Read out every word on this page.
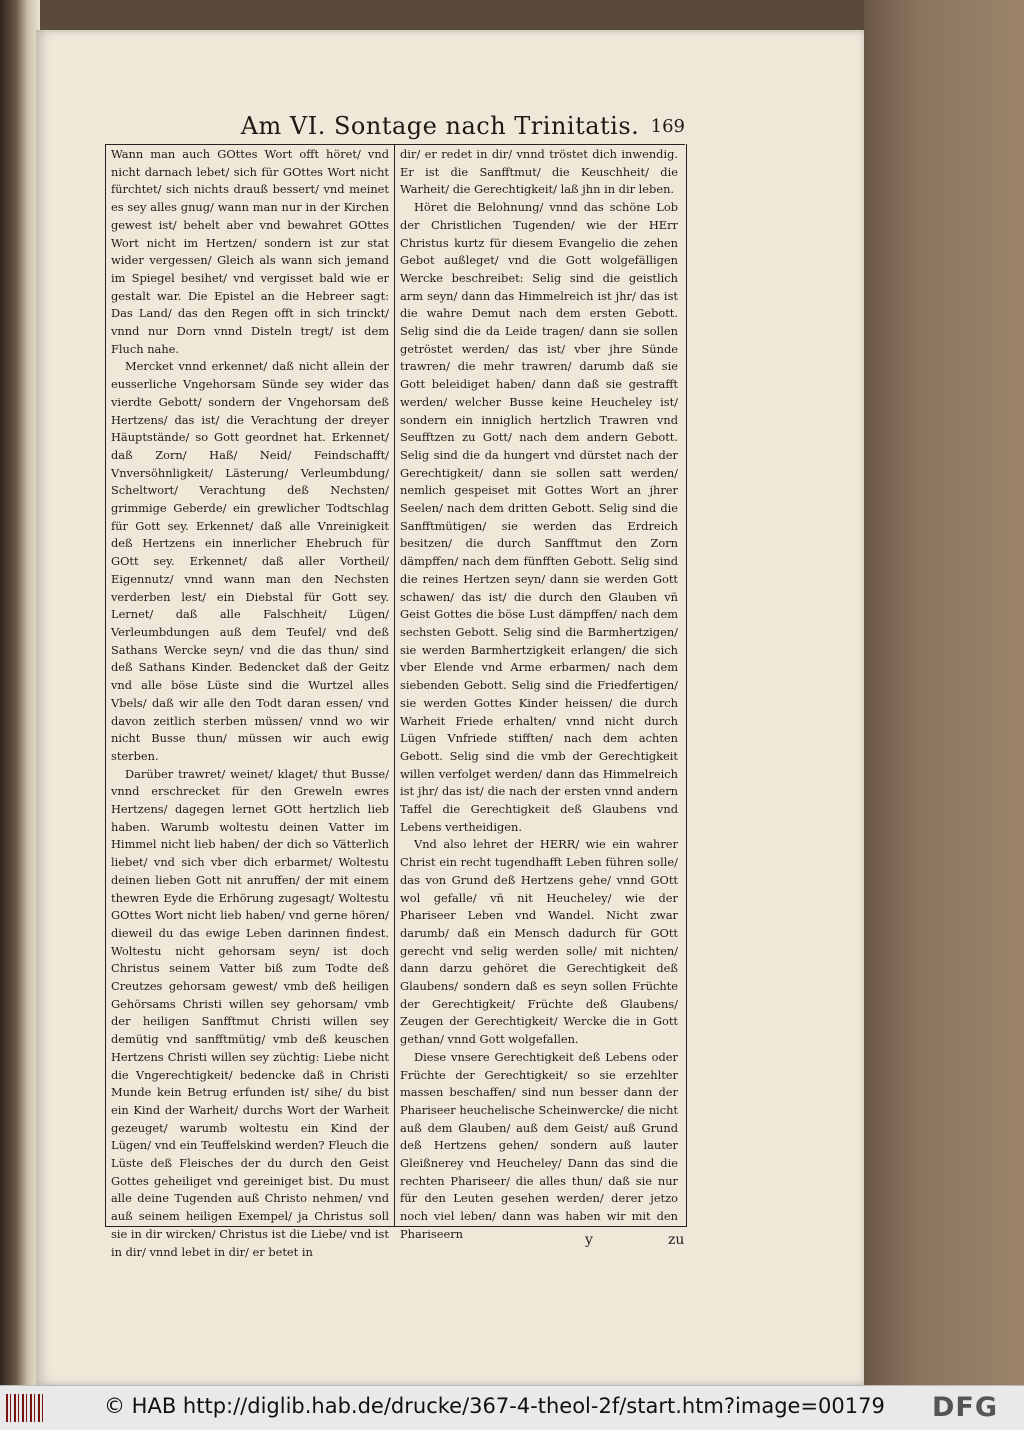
Am VI. Sontage nach Trinitatis. 169

Wann man auch GOttes Wort offt höret/ vnd nicht darnach lebet/ sich für GOttes Wort nicht fürchtet/ sich nichts drauß bessert/ vnd meinet es sey alles gnug/ wann man nur in der Kirchen gewest ist/ behelt aber vnd bewahret GOttes Wort nicht im Hertzen/ sondern ist zur stat wider vergessen/ Gleich als wann sich jemand im Spiegel besihet/ vnd vergisset bald wie er gestalt war. Die Epistel an die Hebreer sagt: Das Land/ das den Regen offt in sich trinckt/ vnnd nur Dorn vnnd Disteln tregt/ ist dem Fluch nahe.

Mercket vnnd erkennet/ daß nicht allein der eusserliche Vngehorsam Sünde sey wider das vierdte Gebott/ sondern der Vngehorsam deß Hertzens/ das ist/ die Verachtung der dreyer Häuptstände/ so Gott geordnet hat. Erkennet/ daß Zorn/ Haß/ Neid/ Feindschafft/ Vnversöhnligkeit/ Lästerung/ Verleumbdung/ Scheltwort/ Verachtung deß Nechsten/ grimmige Geberde/ ein grewlicher Todtschlag für Gott sey. Erkennet/ daß alle Vnreinigkeit deß Hertzens ein innerlicher Ehebruch für GOtt sey. Erkennet/ daß aller Vortheil/ Eigennutz/ vnnd wann man den Nechsten verderben lest/ ein Diebstal für Gott sey. Lernet/ daß alle Falschheit/ Lügen/ Verleumbdungen auß dem Teufel/ vnd deß Sathans Wercke seyn/ vnd die das thun/ sind deß Sathans Kinder. Bedencket daß der Geitz vnd alle böse Lüste sind die Wurtzel alles Vbels/ daß wir alle den Todt daran essen/ vnd davon zeitlich sterben müssen/ vnnd wo wir nicht Busse thun/ müssen wir auch ewig sterben.

Darüber trawret/ weinet/ klaget/ thut Busse/ vnnd erschrecket für den Greweln ewres Hertzens/ dagegen lernet GOtt hertzlich lieb haben. Warumb woltestu deinen Vatter im Himmel nicht lieb haben/ der dich so Vätterlich liebet/ vnd sich vber dich erbarmet/ Woltestu deinen lieben Gott nit anruffen/ der mit einem thewren Eyde die Erhörung zugesagt/ Woltestu GOttes Wort nicht lieb haben/ vnd gerne hören/ dieweil du das ewige Leben darinnen findest. Woltestu nicht gehorsam seyn/ ist doch Christus seinem Vatter biß zum Todte deß Creutzes gehorsam gewest/ vmb deß heiligen Gehörsams Christi willen sey gehorsam/ vmb der heiligen Sanfftmut Christi willen sey demütig vnd sanfftmütig/ vmb deß keuschen Hertzens Christi willen sey züchtig: Liebe nicht die Vngerechtigkeit/ bedencke daß in Christi Munde kein Betrug erfunden ist/ sihe/ du bist ein Kind der Warheit/ durchs Wort der Warheit gezeuget/ warumb woltestu ein Kind der Lügen/ vnd ein Teuffelskind werden? Fleuch die Lüste deß Fleisches der du durch den Geist Gottes geheiliget vnd gereiniget bist. Du must alle deine Tugenden auß Christo nehmen/ vnd auß seinem heiligen Exempel/ ja Christus soll sie in dir wircken/ Christus ist die Liebe/ vnd ist in dir/ vnnd lebet in dir/ er betet in

dir/ er redet in dir/ vnnd tröstet dich inwendig. Er ist die Sanfftmut/ die Keuschheit/ die Warheit/ die Gerechtigkeit/ laß jhn in dir leben.

Höret die Belohnung/ vnnd das schöne Lob der Christlichen Tugenden/ wie der HErr Christus kurtz für diesem Evangelio die zehen Gebot außleget/ vnd die Gott wolgefälligen Wercke beschreibet: Selig sind die geistlich arm seyn/ dann das Himmelreich ist jhr/ das ist die wahre Demut nach dem ersten Gebott. Selig sind die da Leide tragen/ dann sie sollen getröstet werden/ das ist/ vber jhre Sünde trawren/ die mehr trawren/ darumb daß sie Gott beleidiget haben/ dann daß sie gestrafft werden/ welcher Busse keine Heucheley ist/ sondern ein inniglich hertzlich Trawren vnd Seufftzen zu Gott/ nach dem andern Gebott. Selig sind die da hungert vnd dürstet nach der Gerechtigkeit/ dann sie sollen satt werden/ nemlich gespeiset mit Gottes Wort an jhrer Seelen/ nach dem dritten Gebott. Selig sind die Sanfftmütigen/ sie werden das Erdreich besitzen/ die durch Sanfftmut den Zorn dämpffen/ nach dem fünfften Gebott. Selig sind die reines Hertzen seyn/ dann sie werden Gott schawen/ das ist/ die durch den Glauben vñ Geist Gottes die böse Lust dämpffen/ nach dem sechsten Gebott. Selig sind die Barmhertzigen/ sie werden Barmhertzigkeit erlangen/ die sich vber Elende vnd Arme erbarmen/ nach dem siebenden Gebott. Selig sind die Friedfertigen/ sie werden Gottes Kinder heissen/ die durch Warheit Friede erhalten/ vnnd nicht durch Lügen Vnfriede stifften/ nach dem achten Gebott. Selig sind die vmb der Gerechtigkeit willen verfolget werden/ dann das Himmelreich ist jhr/ das ist/ die nach der ersten vnnd andern Taffel die Gerechtigkeit deß Glaubens vnd Lebens vertheidigen.

Vnd also lehret der HERR/ wie ein wahrer Christ ein recht tugendhafft Leben führen solle/ das von Grund deß Hertzens gehe/ vnnd GOtt wol gefalle/ vñ nit Heucheley/ wie der Pharisеer Leben vnd Wandel. Nicht zwar darumb/ daß ein Mensch dadurch für GOtt gerecht vnd selig werden solle/ mit nichten/ dann darzu gehöret die Gerechtigkeit deß Glaubens/ sondern daß es seyn sollen Früchte der Gerechtigkeit/ Früchte deß Glaubens/ Zeugen der Gerechtigkeit/ Wercke die in Gott gethan/ vnnd Gott wolgefallen.

Diese vnsere Gerechtigkeit deß Lebens oder Früchte der Gerechtigkeit/ so sie erzehlter massen beschaffen/ sind nun besser dann der Pharisеer heuchelische Scheinwercke/ die nicht auß dem Glauben/ auß dem Geist/ auß Grund deß Hertzens gehen/ sondern auß lauter Gleißnerey vnd Heucheley/ Dann das sind die rechten Pharisеer/ die alles thun/ daß sie nur für den Leuten gesehen werden/ derer jetzo noch viel leben/ dann was haben wir mit den Pharisеern	y	zu
© HAB http://diglib.hab.de/drucke/367-4-theol-2f/start.htm?image=00179 DFG
